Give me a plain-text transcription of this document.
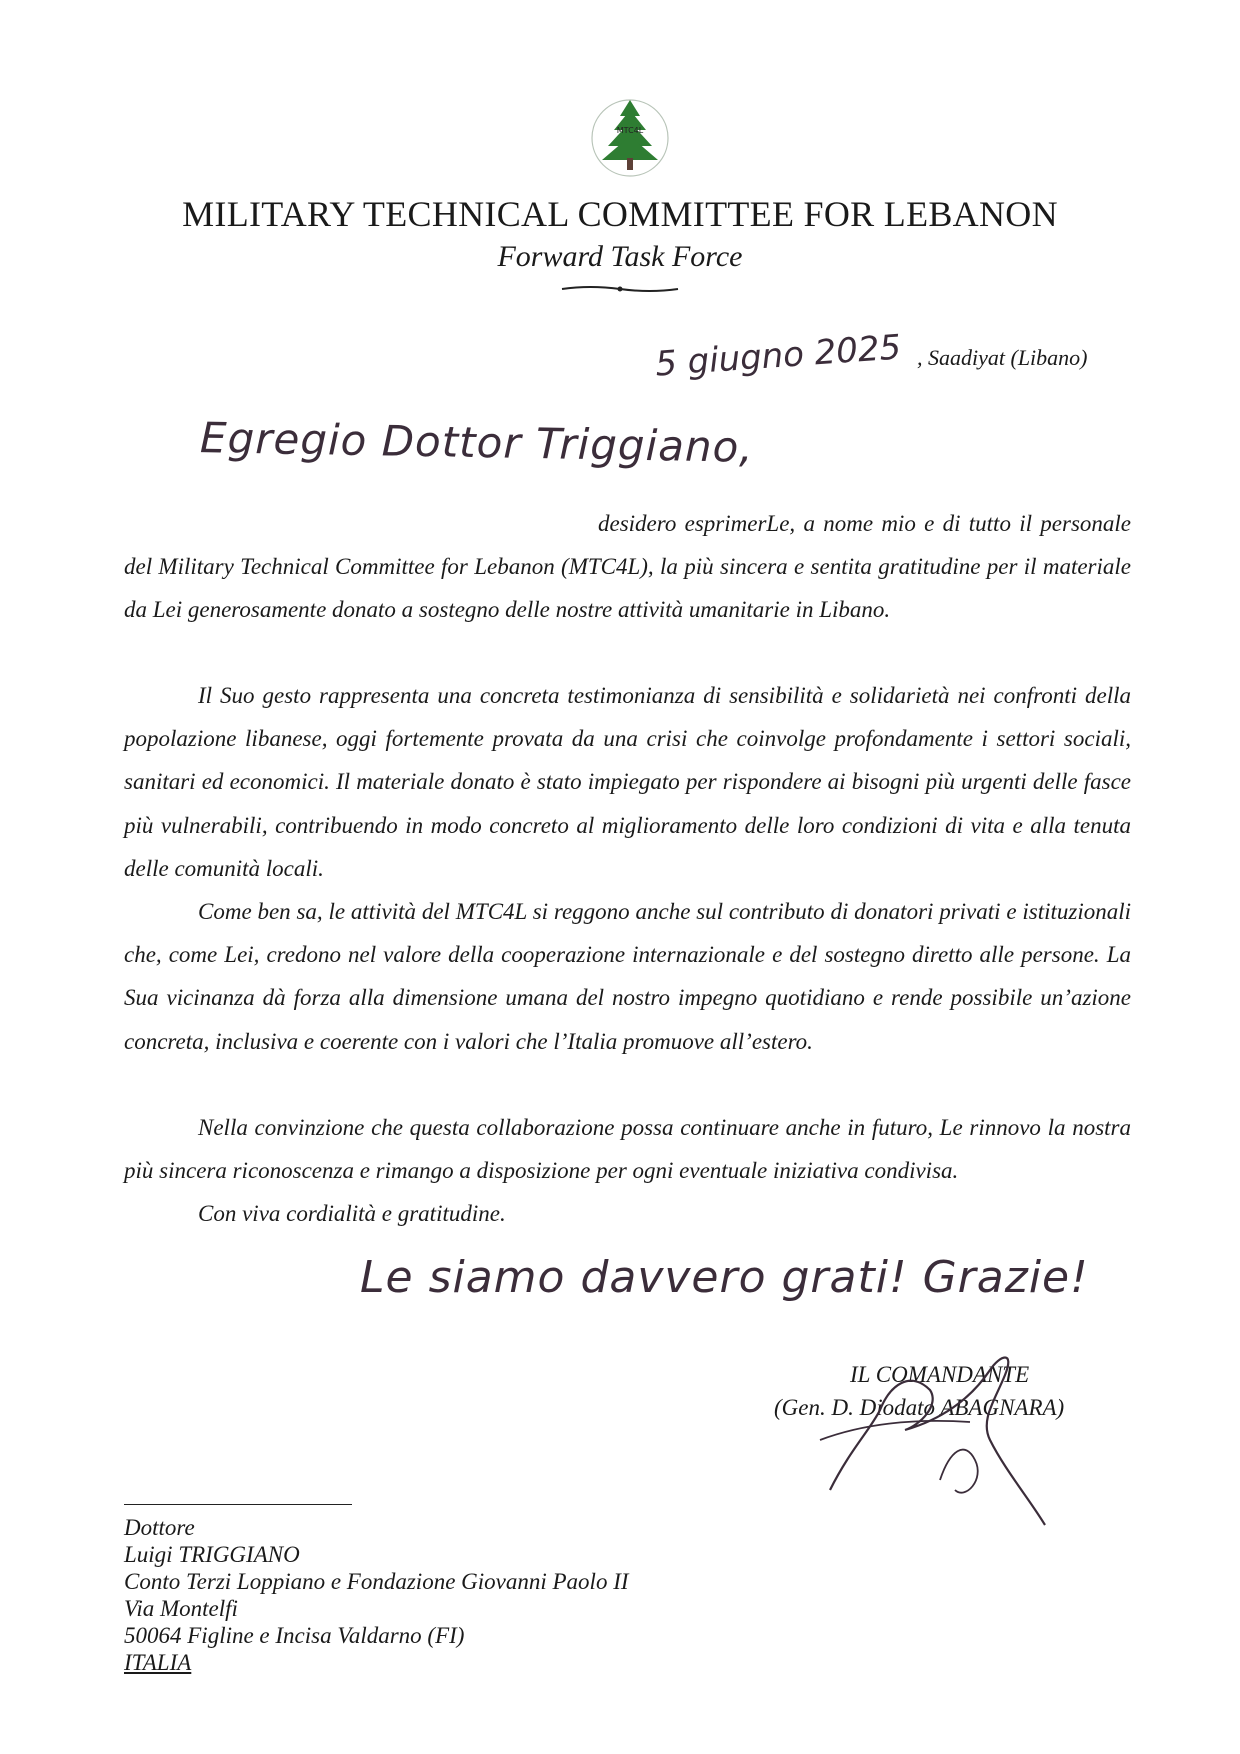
MTC4L
MILITARY TECHNICAL COMMITTEE FOR LEBANON
Forward Task Force
5 giugno 2025 , Saadiyat (Libano)
Egregio Dottor Triggiano,

desidero esprimerLe, a nome mio e di tutto il personale del Military Technical Committee for Lebanon (MTC4L), la più sincera e sentita gratitudine per il materiale da Lei generosamente donato a sostegno delle nostre attività umanitarie in Libano.

Il Suo gesto rappresenta una concreta testimonianza di sensibilità e solidarietà nei confronti della popolazione libanese, oggi fortemente provata da una crisi che coinvolge profondamente i settori sociali, sanitari ed economici. Il materiale donato è stato impiegato per rispondere ai bisogni più urgenti delle fasce più vulnerabili, contribuendo in modo concreto al miglioramento delle loro condizioni di vita e alla tenuta delle comunità locali.

Come ben sa, le attività del MTC4L si reggono anche sul contributo di donatori privati e istituzionali che, come Lei, credono nel valore della cooperazione internazionale e del sostegno diretto alle persone. La Sua vicinanza dà forza alla dimensione umana del nostro impegno quotidiano e rende possibile un’azione concreta, inclusiva e coerente con i valori che l’Italia promuove all’estero.

Nella convinzione che questa collaborazione possa continuare anche in futuro, Le rinnovo la nostra più sincera riconoscenza e rimango a disposizione per ogni eventuale iniziativa condivisa.

Con viva cordialità e gratitudine.

Le siamo davvero grati! Grazie!
IL COMANDANTE
(Gen. D. Diodato ABAGNARA)
Dottore
Luigi TRIGGIANO
Conto Terzi Loppiano e Fondazione Giovanni Paolo II
Via Montelfi
50064 Figline e Incisa Valdarno (FI)
ITALIA
